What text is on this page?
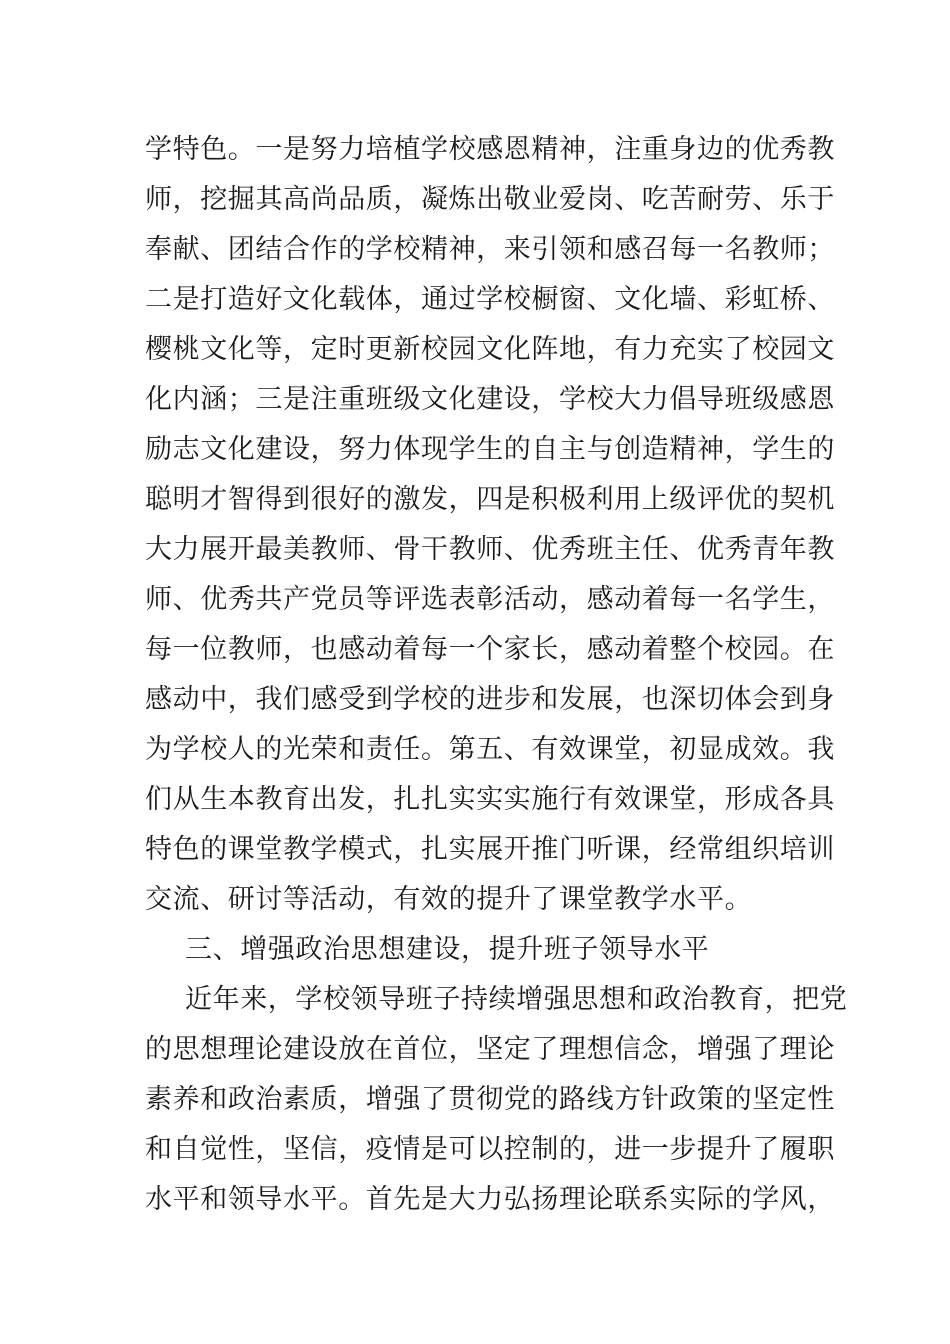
学特色。一是努力培植学校感恩精神，注重身边的优秀教
师，挖掘其高尚品质，凝炼出敬业爱岗、吃苦耐劳、乐于
奉献、团结合作的学校精神，来引领和感召每一名教师；
二是打造好文化载体，通过学校橱窗、文化墙、彩虹桥、
樱桃文化等，定时更新校园文化阵地，有力充实了校园文
化内涵；三是注重班级文化建设，学校大力倡导班级感恩
励志文化建设，努力体现学生的自主与创造精神，学生的
聪明才智得到很好的激发，四是积极利用上级评优的契机
大力展开最美教师、骨干教师、优秀班主任、优秀青年教
师、优秀共产党员等评选表彰活动，感动着每一名学生，
每一位教师，也感动着每一个家长，感动着整个校园。在
感动中，我们感受到学校的进步和发展，也深切体会到身
为学校人的光荣和责任。第五、有效课堂，初显成效。我
们从生本教育出发，扎扎实实实施行有效课堂，形成各具
特色的课堂教学模式，扎实展开推门听课，经常组织培训
交流、研讨等活动，有效的提升了课堂教学水平。
三、增强政治思想建设，提升班子领导水平
近年来，学校领导班子持续增强思想和政治教育，把党
的思想理论建设放在首位，坚定了理想信念，增强了理论
素养和政治素质，增强了贯彻党的路线方针政策的坚定性
和自觉性，坚信，疫情是可以控制的，进一步提升了履职
水平和领导水平。首先是大力弘扬理论联系实际的学风，
